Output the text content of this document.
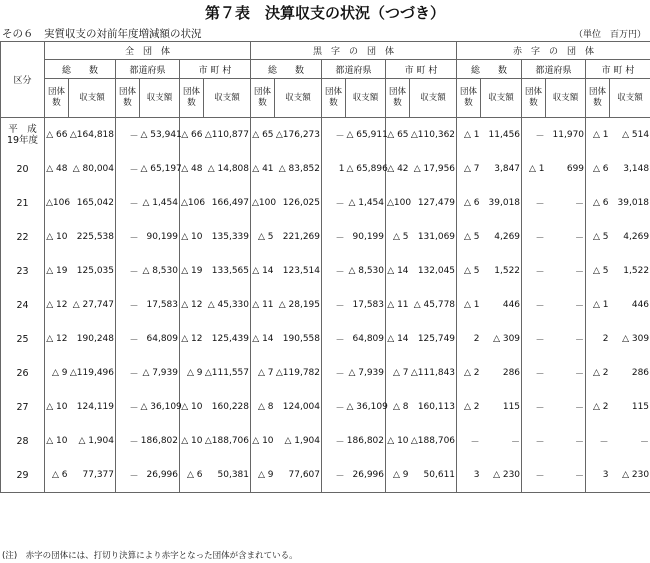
第７表　決算収支の状況（つづき）
その６　実質収支の対前年度増減額の状況	（単位　百万円）
区分	全　団　体						黒　字　の　団　体						赤　字　の　団　体					
	総　　数		都道府県		市 町 村		総　　数		都道府県		市 町 村		総　　数		都道府県		市 町 村	
	団体数	収支額	団体数	収支額	団体数	収支額	団体数	収支額	団体数	収支額	団体数	収支額	団体数	収支額	団体数	収支額	団体数	収支額
平　成
19年度	△ 66	△164,818	－	△ 53,941	△ 66	△110,877	△ 65	△176,273	－	△ 65,911	△ 65	△110,362	△ 1	11,456	－	11,970	△ 1	△ 514
20	△ 48	△ 80,004	－	△ 65,197	△ 48	△ 14,808	△ 41	△ 83,852	1	△ 65,896	△ 42	△ 17,956	△ 7	3,847	△ 1	699	△ 6	3,148
21	△106	165,042	－	△ 1,454	△106	166,497	△100	126,025	－	△ 1,454	△100	127,479	△ 6	39,018	－	－	△ 6	39,018
22	△ 10	225,538	－	90,199	△ 10	135,339	△ 5	221,269	－	90,199	△ 5	131,069	△ 5	4,269	－	－	△ 5	4,269
23	△ 19	125,035	－	△ 8,530	△ 19	133,565	△ 14	123,514	－	△ 8,530	△ 14	132,045	△ 5	1,522	－	－	△ 5	1,522
24	△ 12	△ 27,747	－	17,583	△ 12	△ 45,330	△ 11	△ 28,195	－	17,583	△ 11	△ 45,778	△ 1	446	－	－	△ 1	446
25	△ 12	190,248	－	64,809	△ 12	125,439	△ 14	190,558	－	64,809	△ 14	125,749	2	△ 309	－	－	2	△ 309
26	△ 9	△119,496	－	△ 7,939	△ 9	△111,557	△ 7	△119,782	－	△ 7,939	△ 7	△111,843	△ 2	286	－	－	△ 2	286
27	△ 10	124,119	－	△ 36,109	△ 10	160,228	△ 8	124,004	－	△ 36,109	△ 8	160,113	△ 2	115	－	－	△ 2	115
28	△ 10	△ 1,904	－	186,802	△ 10	△188,706	△ 10	△ 1,904	－	186,802	△ 10	△188,706	－	－	－	－	－	－
29	△ 6	77,377	－	26,996	△ 6	50,381	△ 9	77,607	－	26,996	△ 9	50,611	3	△ 230	－	－	3	△ 230
(注)　赤字の団体には、打切り決算により赤字となった団体が含まれている。
